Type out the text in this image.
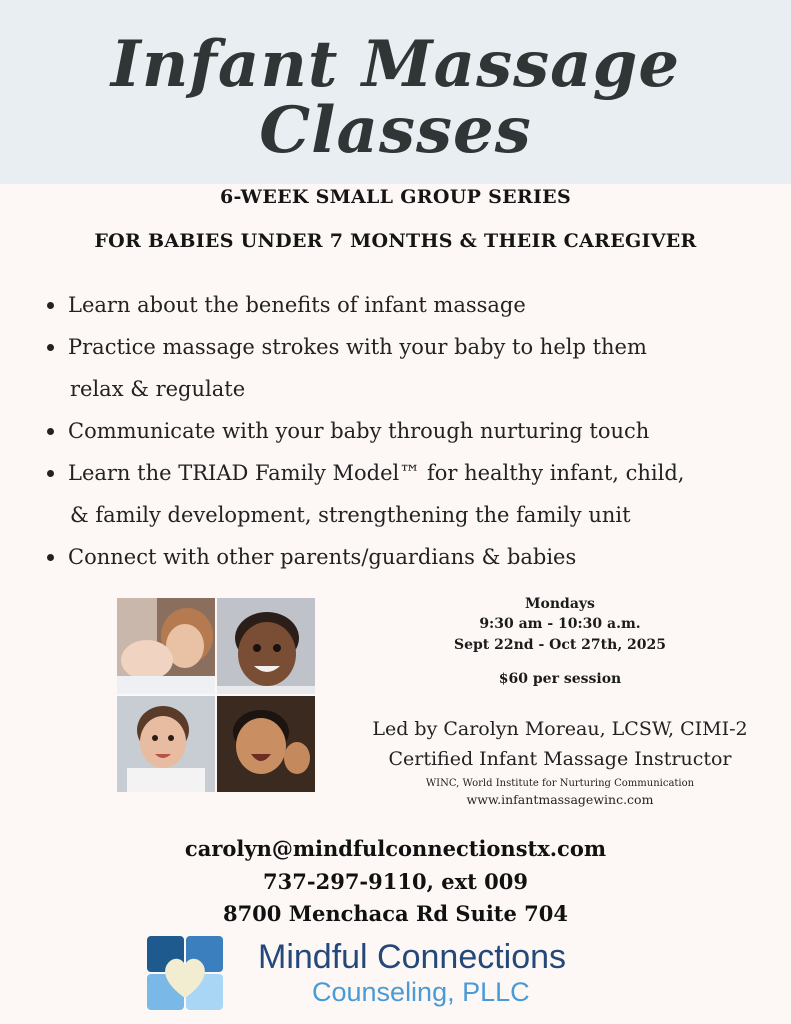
Infant Massage
Classes
6-WEEK SMALL GROUP SERIES
FOR BABIES UNDER 7 MONTHS & THEIR CAREGIVER
Learn about the benefits of infant massage
Practice massage strokes with your baby to help them
relax & regulate
Communicate with your baby through nurturing touch
Learn the TRIAD Family Model™ for healthy infant, child,
& family development, strengthening the family unit
Connect with other parents/guardians & babies
Mondays
9:30 am - 10:30 a.m.
Sept 22nd - Oct 27th, 2025
$60 per session
Led by Carolyn Moreau, LCSW, CIMI-2
Certified Infant Massage Instructor
WINC, World Institute for Nurturing Communication
www.infantmassagewinc.com
carolyn@mindfulconnectionstx.com
737-297-9110, ext 009
8700 Menchaca Rd Suite 704
Mindful Connections
Counseling, PLLC
